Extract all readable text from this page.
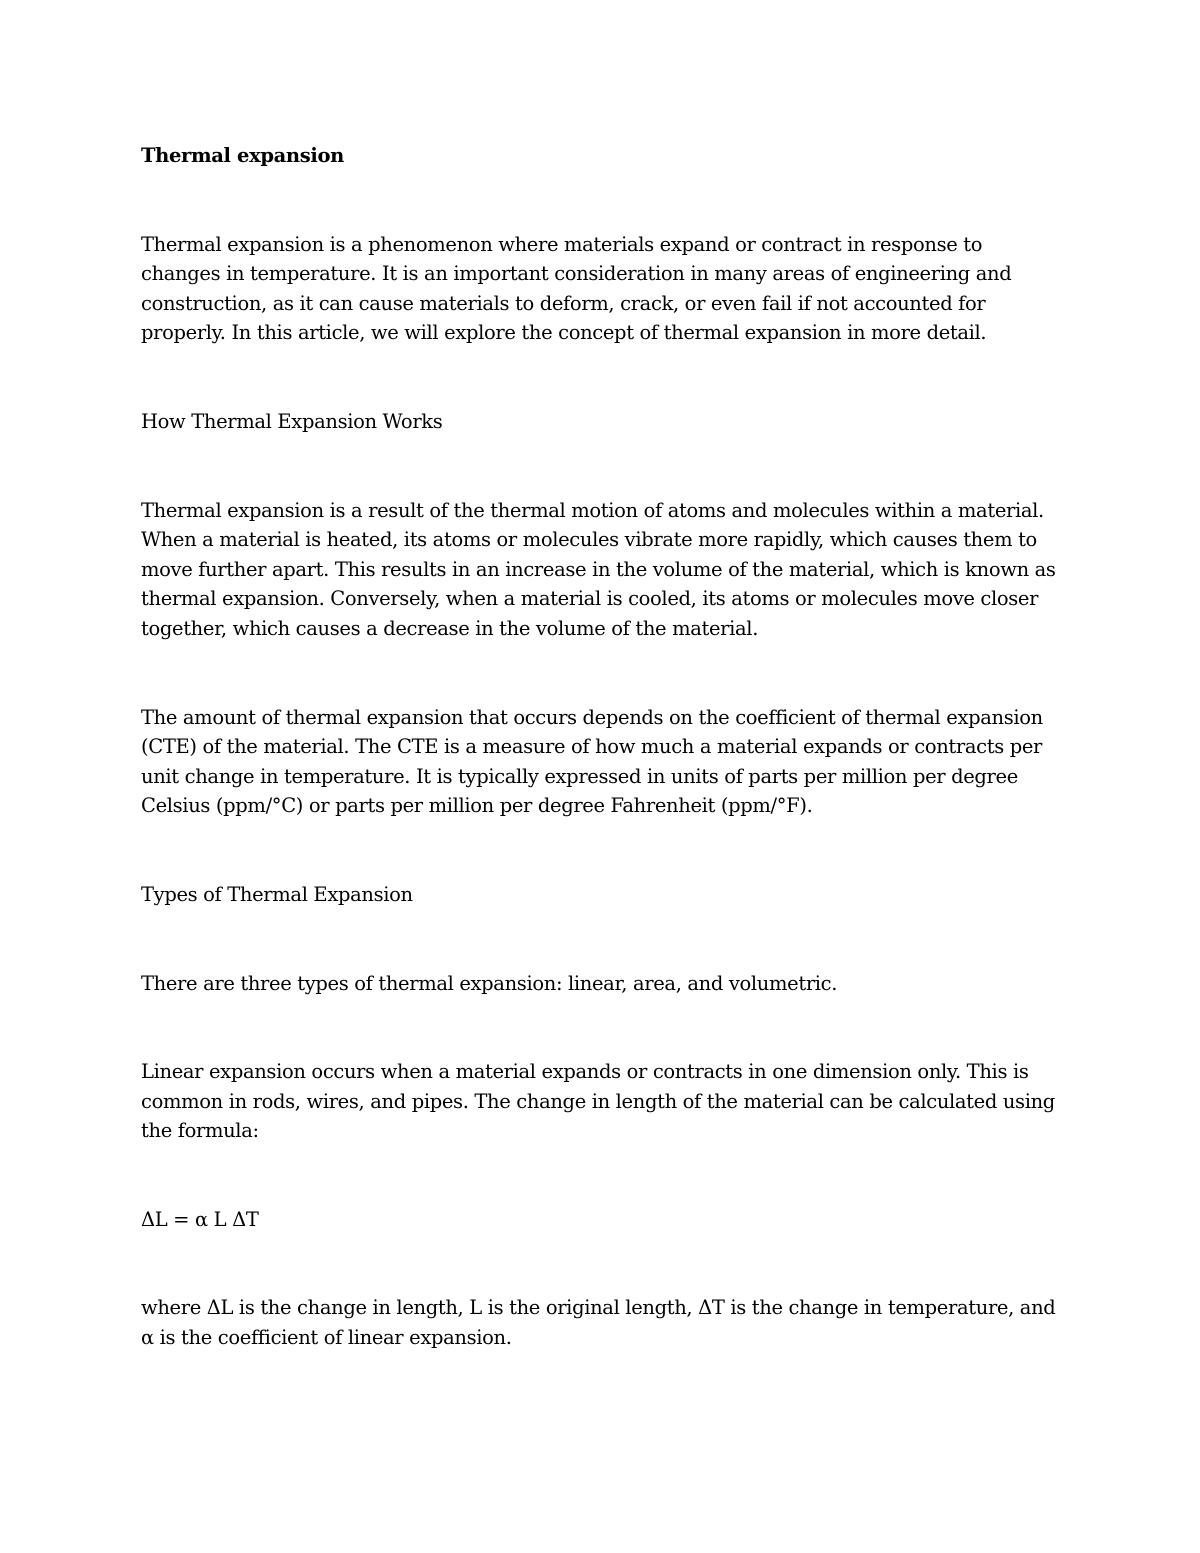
Thermal expansion

Thermal expansion is a phenomenon where materials expand or contract in response to changes in temperature. It is an important consideration in many areas of engineering and construction, as it can cause materials to deform, crack, or even fail if not accounted for properly. In this article, we will explore the concept of thermal expansion in more detail.

How Thermal Expansion Works

Thermal expansion is a result of the thermal motion of atoms and molecules within a material. When a material is heated, its atoms or molecules vibrate more rapidly, which causes them to move further apart. This results in an increase in the volume of the material, which is known as thermal expansion. Conversely, when a material is cooled, its atoms or molecules move closer together, which causes a decrease in the volume of the material.

The amount of thermal expansion that occurs depends on the coefficient of thermal expansion (CTE) of the material. The CTE is a measure of how much a material expands or contracts per unit change in temperature. It is typically expressed in units of parts per million per degree Celsius (ppm/°C) or parts per million per degree Fahrenheit (ppm/°F).

Types of Thermal Expansion

There are three types of thermal expansion: linear, area, and volumetric.

Linear expansion occurs when a material expands or contracts in one dimension only. This is common in rods, wires, and pipes. The change in length of the material can be calculated using the formula:

ΔL = α L ΔT

where ΔL is the change in length, L is the original length, ΔT is the change in temperature, and α is the coefficient of linear expansion.
